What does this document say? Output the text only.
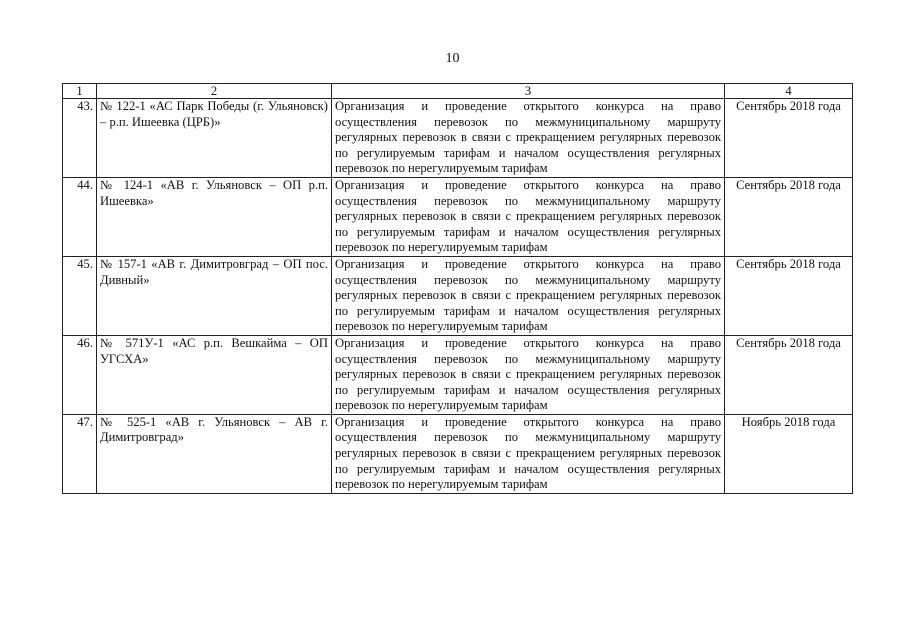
10
1	2	3	4
43.	№ 122-1 «АС Парк Победы (г. Ульяновск) – р.п. Ишеевка (ЦРБ)»	Организация и проведение открытого конкурса на право осуществления перевозок по межмуниципальному маршруту регулярных перевозок в связи с прекращением регулярных перевозок по регулируемым тарифам и началом осуществления регулярных перевозок по нерегулируемым тарифам	Сентябрь 2018 года
44.	№ 124-1 «АВ г. Ульяновск – ОП р.п. Ишеевка»	Организация и проведение открытого конкурса на право осуществления перевозок по межмуниципальному маршруту регулярных перевозок в связи с прекращением регулярных перевозок по регулируемым тарифам и началом осуществления регулярных перевозок по нерегулируемым тарифам	Сентябрь 2018 года
45.	№ 157-1 «АВ г. Димитровград – ОП пос. Дивный»	Организация и проведение открытого конкурса на право осуществления перевозок по межмуниципальному маршруту регулярных перевозок в связи с прекращением регулярных перевозок по регулируемым тарифам и началом осуществления регулярных перевозок по нерегулируемым тарифам	Сентябрь 2018 года
46.	№ 571У-1 «АС р.п. Вешкайма – ОП УГСХА»	Организация и проведение открытого конкурса на право осуществления перевозок по межмуниципальному маршруту регулярных перевозок в связи с прекращением регулярных перевозок по регулируемым тарифам и началом осуществления регулярных перевозок по нерегулируемым тарифам	Сентябрь 2018 года
47.	№ 525-1 «АВ г. Ульяновск – АВ г. Димитровград»	Организация и проведение открытого конкурса на право осуществления перевозок по межмуниципальному маршруту регулярных перевозок в связи с прекращением регулярных перевозок по регулируемым тарифам и началом осуществления регулярных перевозок по нерегулируемым тарифам	Ноябрь 2018 года
